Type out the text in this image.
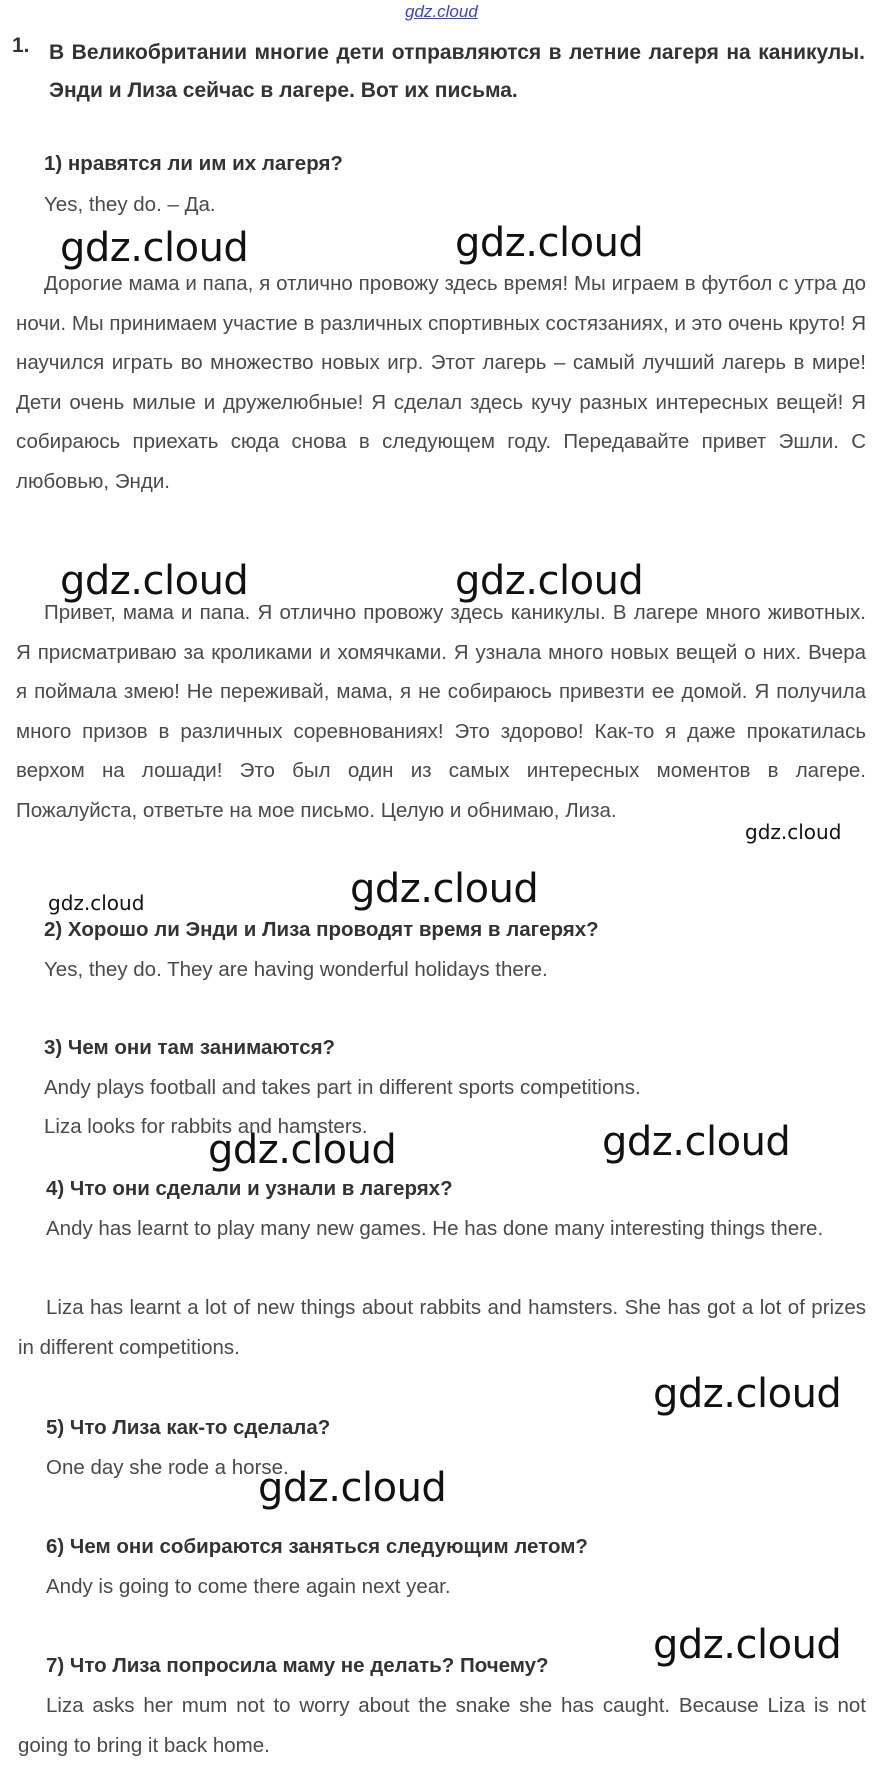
gdz.cloud
1. В Великобритании многие дети отправляются в летние лагеря на каникулы. Энди и Лиза сейчас в лагере. Вот их письма.
1) нравятся ли им их лагеря?
Yes, they do. – Да.
Дорогие мама и папа, я отлично провожу здесь время! Мы играем в футбол с утра до ночи. Мы принимаем участие в различных спортивных состязаниях, и это очень круто! Я научился играть во множество новых игр. Этот лагерь – самый лучший лагерь в мире! Дети очень милые и дружелюбные! Я сделал здесь кучу разных интересных вещей! Я собираюсь приехать сюда снова в следующем году. Передавайте привет Эшли. С любовью, Энди.
Привет, мама и папа. Я отлично провожу здесь каникулы. В лагере много животных. Я присматриваю за кроликами и хомячками. Я узнала много новых вещей о них. Вчера я поймала змею! Не переживай, мама, я не собираюсь привезти ее домой. Я получила много призов в различных соревнованиях! Это здорово! Как-то я даже прокатилась верхом на лошади! Это был один из самых интересных моментов в лагере. Пожалуйста, ответьте на мое письмо. Целую и обнимаю, Лиза.
2) Хорошо ли Энди и Лиза проводят время в лагерях?
Yes, they do. They are having wonderful holidays there.
3) Чем они там занимаются?
Andy plays football and takes part in different sports competitions.
Liza looks for rabbits and hamsters.
4) Что они сделали и узнали в лагерях?
Andy has learnt to play many new games. He has done many interesting things there.
Liza has learnt a lot of new things about rabbits and hamsters. She has got a lot of prizes in different competitions.
5) Что Лиза как-то сделала?
One day she rode a horse.
6) Чем они собираются заняться следующим летом?
Andy is going to come there again next year.
7) Что Лиза попросила маму не делать? Почему?
Liza asks her mum not to worry about the snake she has caught. Because Liza is not going to bring it back home.
gdz.cloud	gdz.cloud
gdz.cloud	gdz.cloud
gdz.cloud
gdz.cloud	gdz.cloud
gdz.cloud	gdz.cloud
gdz.cloud
gdz.cloud
gdz.cloud
